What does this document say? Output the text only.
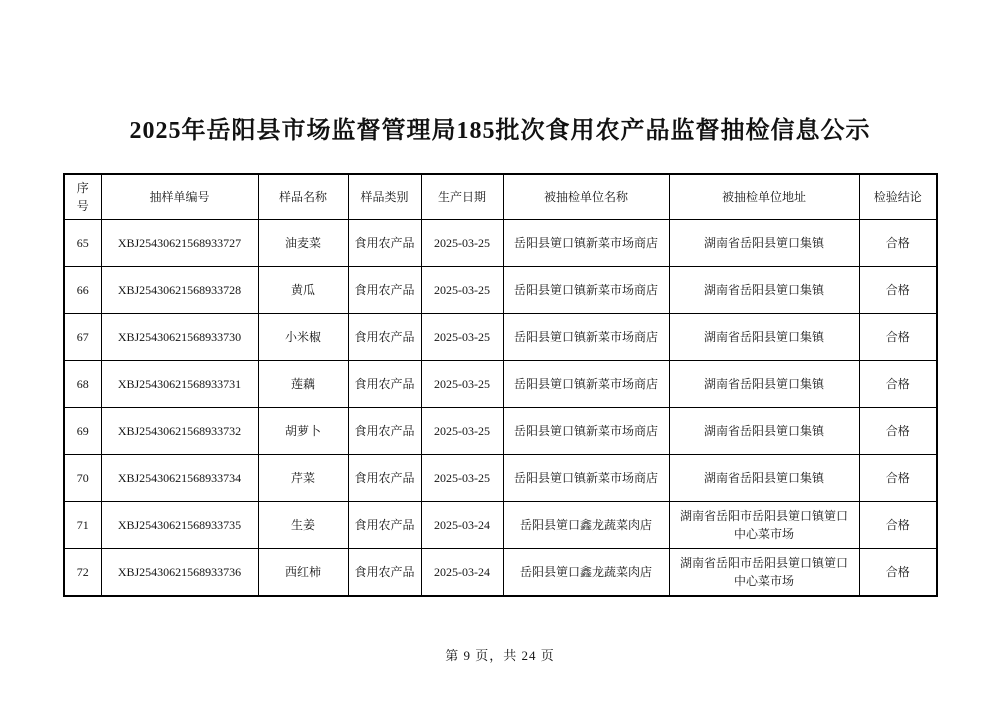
2025年岳阳县市场监督管理局185批次食用农产品监督抽检信息公示
序号	抽样单编号	样品名称	样品类别	生产日期	被抽检单位名称	被抽检单位地址	检验结论
65	XBJ25430621568933727	油麦菜	食用农产品	2025-03-25	岳阳县筻口镇新菜市场商店	湖南省岳阳县筻口集镇	合格
66	XBJ25430621568933728	黄瓜	食用农产品	2025-03-25	岳阳县筻口镇新菜市场商店	湖南省岳阳县筻口集镇	合格
67	XBJ25430621568933730	小米椒	食用农产品	2025-03-25	岳阳县筻口镇新菜市场商店	湖南省岳阳县筻口集镇	合格
68	XBJ25430621568933731	莲藕	食用农产品	2025-03-25	岳阳县筻口镇新菜市场商店	湖南省岳阳县筻口集镇	合格
69	XBJ25430621568933732	胡萝卜	食用农产品	2025-03-25	岳阳县筻口镇新菜市场商店	湖南省岳阳县筻口集镇	合格
70	XBJ25430621568933734	芹菜	食用农产品	2025-03-25	岳阳县筻口镇新菜市场商店	湖南省岳阳县筻口集镇	合格
71	XBJ25430621568933735	生姜	食用农产品	2025-03-24	岳阳县筻口鑫龙蔬菜肉店	湖南省岳阳市岳阳县筻口镇筻口中心菜市场	合格
72	XBJ25430621568933736	西红柿	食用农产品	2025-03-24	岳阳县筻口鑫龙蔬菜肉店	湖南省岳阳市岳阳县筻口镇筻口中心菜市场	合格
第 9 页，共 24 页
